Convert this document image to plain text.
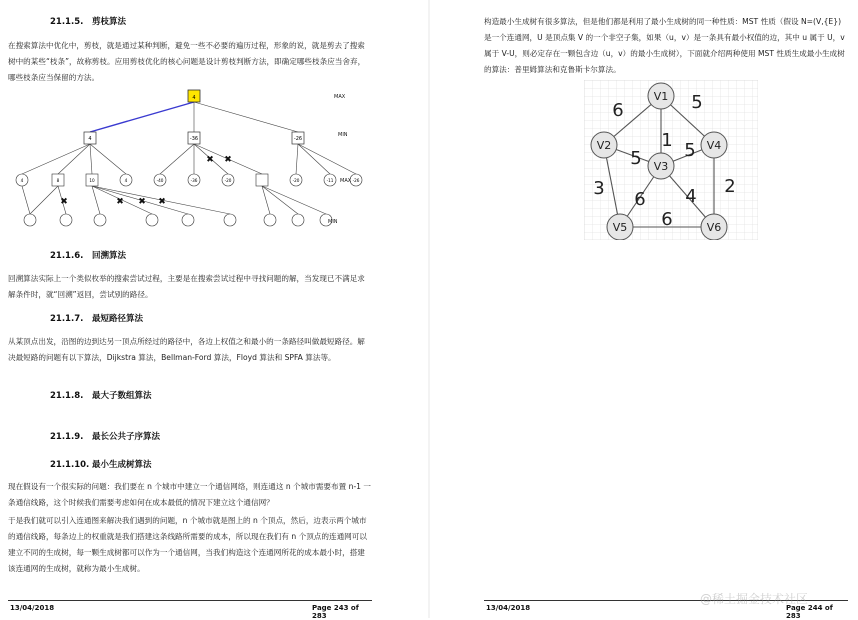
21.1.5. 剪枝算法
在搜索算法中优化中，剪枝，就是通过某种判断，避免一些不必要的遍历过程，形象的说，就是剪去了搜索树中的某些“枝条”，故称剪枝。应用剪枝优化的核心问题是设计剪枝判断方法，即确定哪些枝条应当舍弃，哪些枝条应当保留的方法。
4
4	-36	-26
4	8	10	4	-40	-36	-20	-20	-11	-26
✖ ✖
✖	✖ ✖ ✖
MAX
MIN
MAX
MIN
21.1.6. 回溯算法
回溯算法实际上一个类似枚举的搜索尝试过程，主要是在搜索尝试过程中寻找问题的解，当发现已不满足求解条件时，就“回溯”返回，尝试别的路径。
21.1.7. 最短路径算法
从某顶点出发，沿图的边到达另一顶点所经过的路径中，各边上权值之和最小的一条路径叫做最短路径。解决最短路的问题有以下算法，Dijkstra 算法，Bellman-Ford 算法，Floyd 算法和 SPFA 算法等。
21.1.8. 最大子数组算法
21.1.9. 最长公共子序算法
21.1.10. 最小生成树算法
现在假设有一个很实际的问题：我们要在 n 个城市中建立一个通信网络，则连通这 n 个城市需要布置 n-1 一条通信线路，这个时候我们需要考虑如何在成本最低的情况下建立这个通信网？
于是我们就可以引入连通图来解决我们遇到的问题，n 个城市就是图上的 n 个顶点，然后，边表示两个城市的通信线路，每条边上的权重就是我们搭建这条线路所需要的成本，所以现在我们有 n 个顶点的连通网可以建立不同的生成树，每一颗生成树都可以作为一个通信网，当我们构造这个连通网所花的成本最小时，搭建该连通网的生成树，就称为最小生成树。
13/04/2018	Page 243 of 283
构造最小生成树有很多算法，但是他们都是利用了最小生成树的同一种性质：MST 性质（假设 N=(V,{E})是一个连通网，U 是顶点集 V 的一个非空子集，如果（u，v）是一条具有最小权值的边，其中 u 属于 U，v 属于 V-U，则必定存在一颗包含边（u，v）的最小生成树），下面就介绍两种使用 MST 性质生成最小生成树的算法：普里姆算法和克鲁斯卡尔算法。
V1
V2
V3
V4
V5	V6
6
1
5
5 5
3
6 4 2
6
13/04/2018	Page 244 of 283
@稀土掘金技术社区
